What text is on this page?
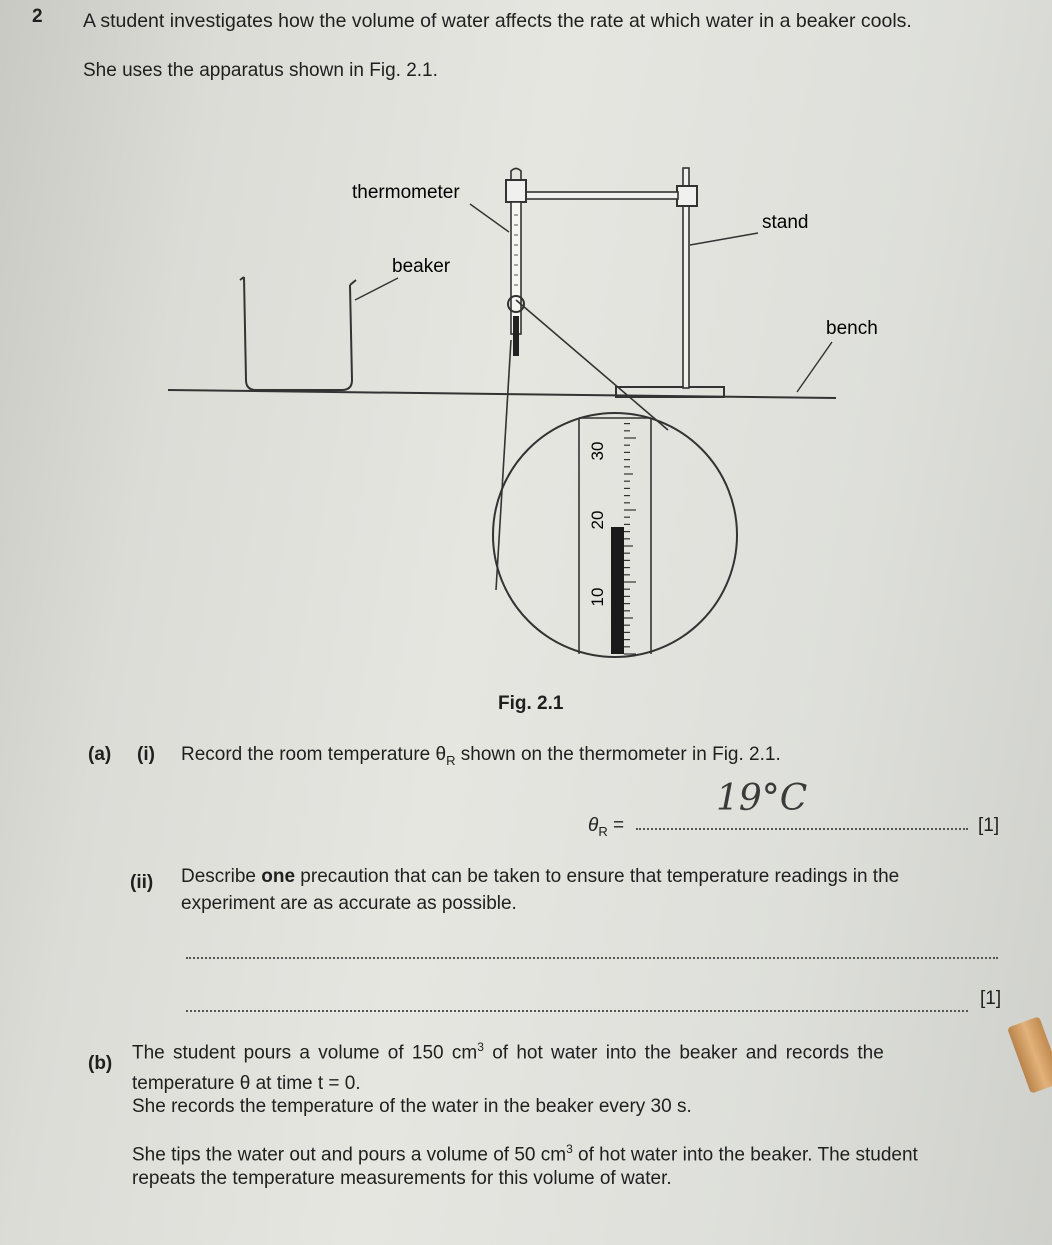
2 A student investigates how the volume of water affects the rate at which water in a beaker cools.
She uses the apparatus shown in Fig. 2.1.
10
20
30
thermometer
stand
beaker
bench
Fig. 2.1
(a) (i) Record the room temperature $\theta_R$ shown on the thermometer in Fig. 2.1.
$\theta_R$ =
19°C
[1]
(ii) Describe one precaution that can be taken to ensure that temperature readings in the
experiment are as accurate as possible.
[1]
(b)
The student pours a volume of 150 $cm^3$ of hot water into the beaker and records the
temperature θ at time t = 0.
She records the temperature of the water in the beaker every 30 s.
She tips the water out and pours a volume of 50 $cm^3$ of hot water into the beaker. The student
repeats the temperature measurements for this volume of water.
